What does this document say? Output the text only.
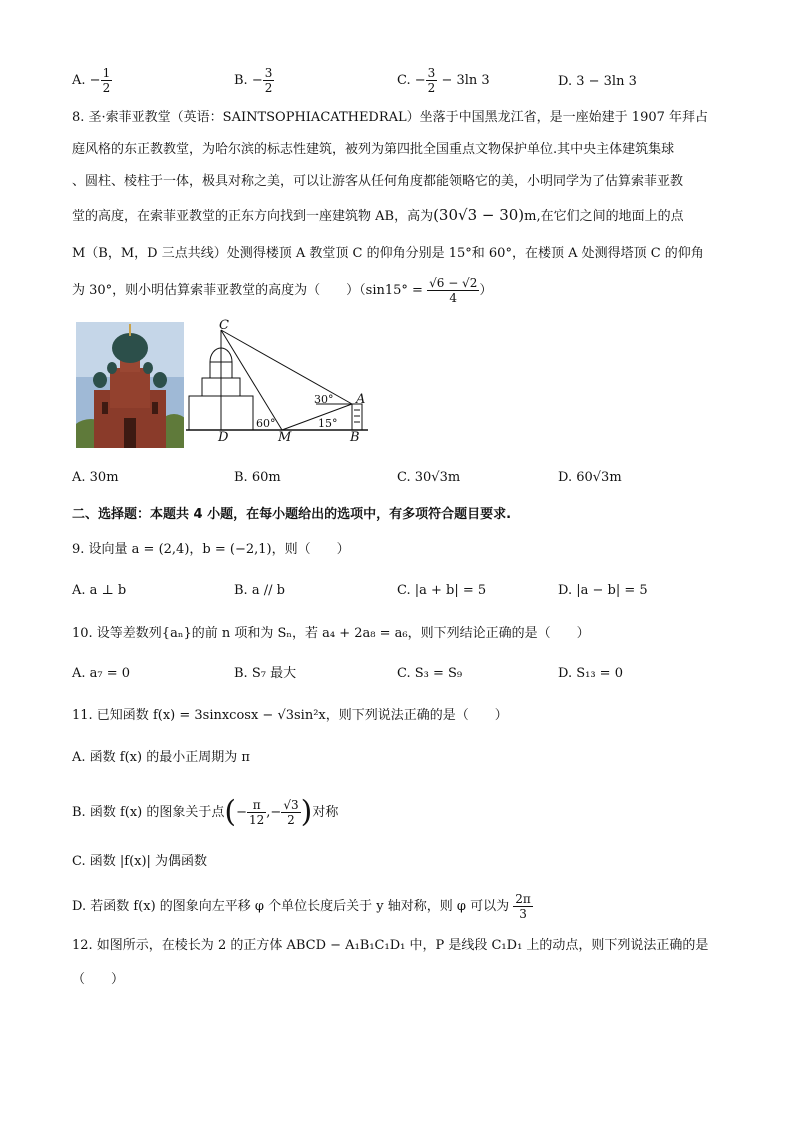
A. − $\frac{1}{2}$	B. − $\frac{3}{2}$	C. − $\frac{3}{2} - 3\ln$ 3	D. 3 − 3ln 3
8. 圣·索菲亚教堂（英语：SAINTSOPHIACATHEDRAL）坐落于中国黑龙江省，是一座始建于 1907 年拜占
庭风格的东正教教堂，为哈尔滨的标志性建筑，被列为第四批全国重点文物保护单位.其中央主体建筑集球
、圆柱、棱柱于一体，极具对称之美，可以让游客从任何角度都能领略它的美，小明同学为了估算索菲亚教
堂的高度，在索菲亚教堂的正东方向找到一座建筑物 AB，高为(30√3 − 30)m,在它们之间的地面上的点
M（B，M，D 三点共线）处测得楼顶 A 教堂顶 C 的仰角分别是 15°和 60°，在楼顶 A 处测得塔顶 C 的仰角
为 30°，则小明估算索菲亚教堂的高度为（　　）（$\sin 15^\circ = \frac{√6 - √2}{4}$ ）
C
A
D	M	B
60°
30°
15°
A. 30m	B. 60m	C. 30√3m	D. 60√3m
二、选择题：本题共 4 小题，在每小题给出的选项中，有多项符合题目要求.
9. 设向量 a = (2,4)，b = (−2,1)，则（　　）
A. a ⊥ b	B. a // b	C. |a + b| = 5	D. |a − b| = 5
10. 设等差数列{aₙ}的前 n 项和为 Sₙ，若 a₄ + 2a₈ = a₆，则下列结论正确的是（　　）
A. a₇ = 0	B. S₇ 最大	C. S₃ = S₉	D. S₁₃ = 0
11. 已知函数 f(x) = 3sinxcosx − √3sin²x，则下列说法正确的是（　　）
A. 函数 f(x) 的最小正周期为 π
B. 函数 f(x) 的图象关于点(− $\frac{\pi}{12}$ ,− $\frac{√3}{2}$ )对称
C. 函数 |f(x)| 为偶函数
D. 若函数 f(x) 的图象向左平移 φ 个单位长度后关于 y 轴对称，则 φ 可以为 $\frac{2\pi}{3}$
12. 如图所示，在棱长为 2 的正方体 ABCD − A₁B₁C₁D₁ 中，P 是线段 C₁D₁ 上的动点，则下列说法正确的是
（　　）
